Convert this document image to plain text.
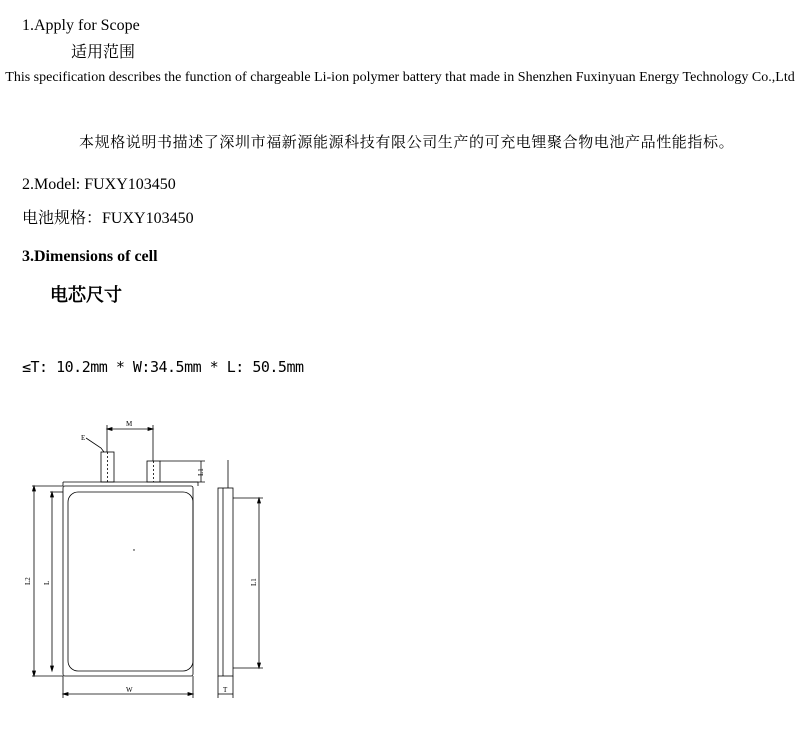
1.Apply for Scope
适用范围
This specification describes the function of chargeable Li-ion polymer battery that made in Shenzhen Fuxinyuan Energy Technology Co.,Ltd
本规格说明书描述了深圳市福新源能源科技有限公司生产的可充电锂聚合物电池产品性能指标。
2.Model: FUXY103450
电池规格：FUXY103450
3.Dimensions of cell
电芯尺寸
≤T: 10.2mm * W:34.5mm * L: 50.5mm
M
E
L1
L2 L	L1
W	T
